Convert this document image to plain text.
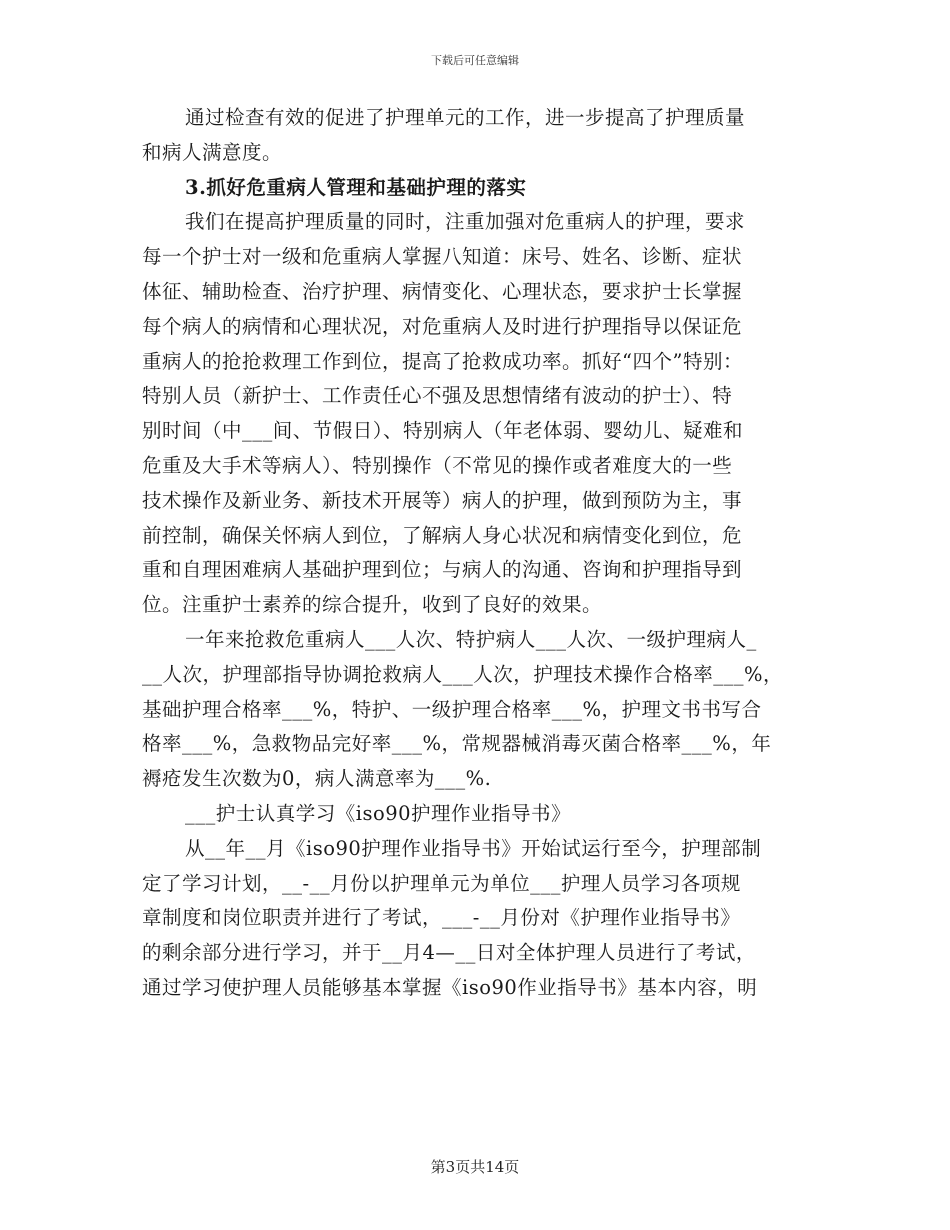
下载后可任意编辑
通过检查有效的促进了护理单元的工作，进一步提高了护理质量
和病人满意度。
3.抓好危重病人管理和基础护理的落实
我们在提高护理质量的同时，注重加强对危重病人的护理，要求
每一个护士对一级和危重病人掌握八知道：床号、姓名、诊断、症状
体征、辅助检查、治疗护理、病情变化、心理状态，要求护士长掌握
每个病人的病情和心理状况，对危重病人及时进行护理指导以保证危
重病人的抢抢救理工作到位，提高了抢救成功率。抓好“四个”特别：
特别人员（新护士、工作责任心不强及思想情绪有波动的护士）、特
别时间（中___间、节假日）、特别病人（年老体弱、婴幼儿、疑难和
危重及大手术等病人）、特别操作（不常见的操作或者难度大的一些
技术操作及新业务、新技术开展等）病人的护理，做到预防为主，事
前控制，确保关怀病人到位，了解病人身心状况和病情变化到位，危
重和自理困难病人基础护理到位；与病人的沟通、咨询和护理指导到
位。注重护士素养的综合提升，收到了良好的效果。
一年来抢救危重病人___人次、特护病人___人次、一级护理病人_
__人次，护理部指导协调抢救病人___人次，护理技术操作合格率___%，
基础护理合格率___%，特护、一级护理合格率___%，护理文书书写合
格率___%，急救物品完好率___%，常规器械消毒灭菌合格率___%，年
褥疮发生次数为0，病人满意率为___%.
___护士认真学习《iso90护理作业指导书》
从__年__月《iso90护理作业指导书》开始试运行至今，护理部制
定了学习计划，__-__月份以护理单元为单位___护理人员学习各项规
章制度和岗位职责并进行了考试，___-__月份对《护理作业指导书》
的剩余部分进行学习，并于__月4—__日对全体护理人员进行了考试，
通过学习使护理人员能够基本掌握《iso90作业指导书》基本内容，明
第3页共14页
